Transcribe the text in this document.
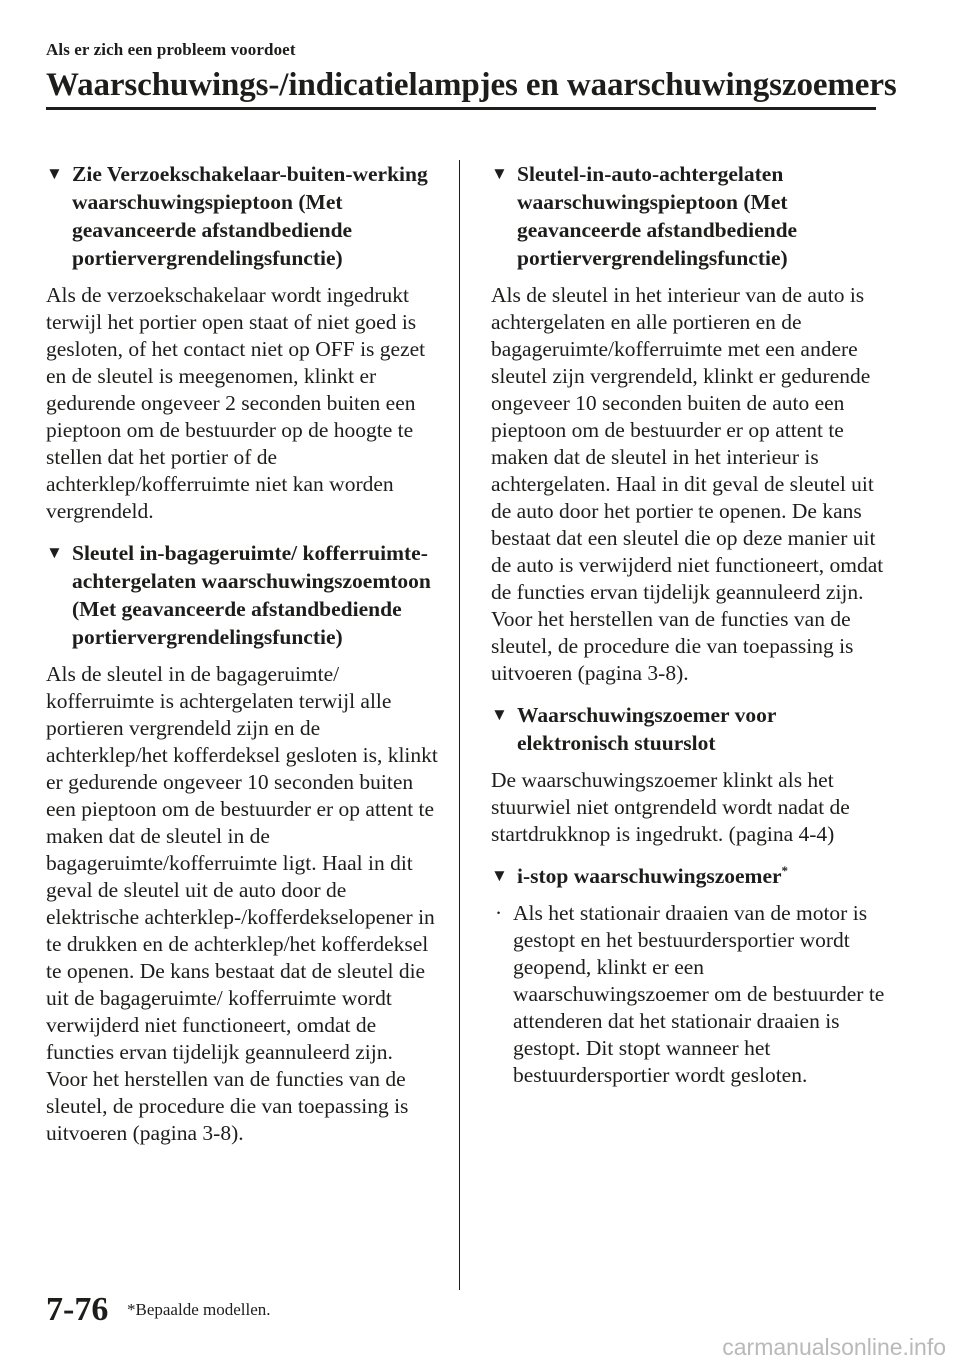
Als er zich een probleem voordoet
Waarschuwings-/indicatielampjes en waarschuwingszoemers
▼ Zie Verzoekschakelaar-buiten-werking waarschuwingspieptoon (Met geavanceerde afstandbediende portiervergrendelingsfunctie)
Als de verzoekschakelaar wordt ingedrukt terwijl het portier open staat of niet goed is gesloten, of het contact niet op OFF is gezet en de sleutel is meegenomen, klinkt er gedurende ongeveer 2 seconden buiten een pieptoon om de bestuurder op de hoogte te stellen dat het portier of de achterklep/kofferruimte niet kan worden vergrendeld.
▼ Sleutel in-bagageruimte/ kofferruimte-achtergelaten waarschuwingszoemtoon (Met geavanceerde afstandbediende portiervergrendelingsfunctie)
Als de sleutel in de bagageruimte/ kofferruimte is achtergelaten terwijl alle portieren vergrendeld zijn en de achterklep/het kofferdeksel gesloten is, klinkt er gedurende ongeveer 10 seconden buiten een pieptoon om de bestuurder er op attent te maken dat de sleutel in de bagageruimte/kofferruimte ligt. Haal in dit geval de sleutel uit de auto door de elektrische achterklep-/kofferdekselopener in te drukken en de achterklep/het kofferdeksel te openen. De kans bestaat dat de sleutel die uit de bagageruimte/ kofferruimte wordt verwijderd niet functioneert, omdat de functies ervan tijdelijk geannuleerd zijn. Voor het herstellen van de functies van de sleutel, de procedure die van toepassing is uitvoeren (pagina 3-8).
▼ Sleutel-in-auto-achtergelaten waarschuwingspieptoon (Met geavanceerde afstandbediende portiervergrendelingsfunctie)
Als de sleutel in het interieur van de auto is achtergelaten en alle portieren en de bagageruimte/kofferruimte met een andere sleutel zijn vergrendeld, klinkt er gedurende ongeveer 10 seconden buiten de auto een pieptoon om de bestuurder er op attent te maken dat de sleutel in het interieur is achtergelaten. Haal in dit geval de sleutel uit de auto door het portier te openen. De kans bestaat dat een sleutel die op deze manier uit de auto is verwijderd niet functioneert, omdat de functies ervan tijdelijk geannuleerd zijn. Voor het herstellen van de functies van de sleutel, de procedure die van toepassing is uitvoeren (pagina 3-8).
▼ Waarschuwingszoemer voor elektronisch stuurslot
De waarschuwingszoemer klinkt als het stuurwiel niet ontgrendeld wordt nadat de startdrukknop is ingedrukt. (pagina 4-4)
▼ i-stop waarschuwingszoemer*
· Als het stationair draaien van de motor is gestopt en het bestuurdersportier wordt geopend, klinkt er een waarschuwingszoemer om de bestuurder te attenderen dat het stationair draaien is gestopt. Dit stopt wanneer het bestuurdersportier wordt gesloten.
7-76 *Bepaalde modellen.
carmanualsonline.info
